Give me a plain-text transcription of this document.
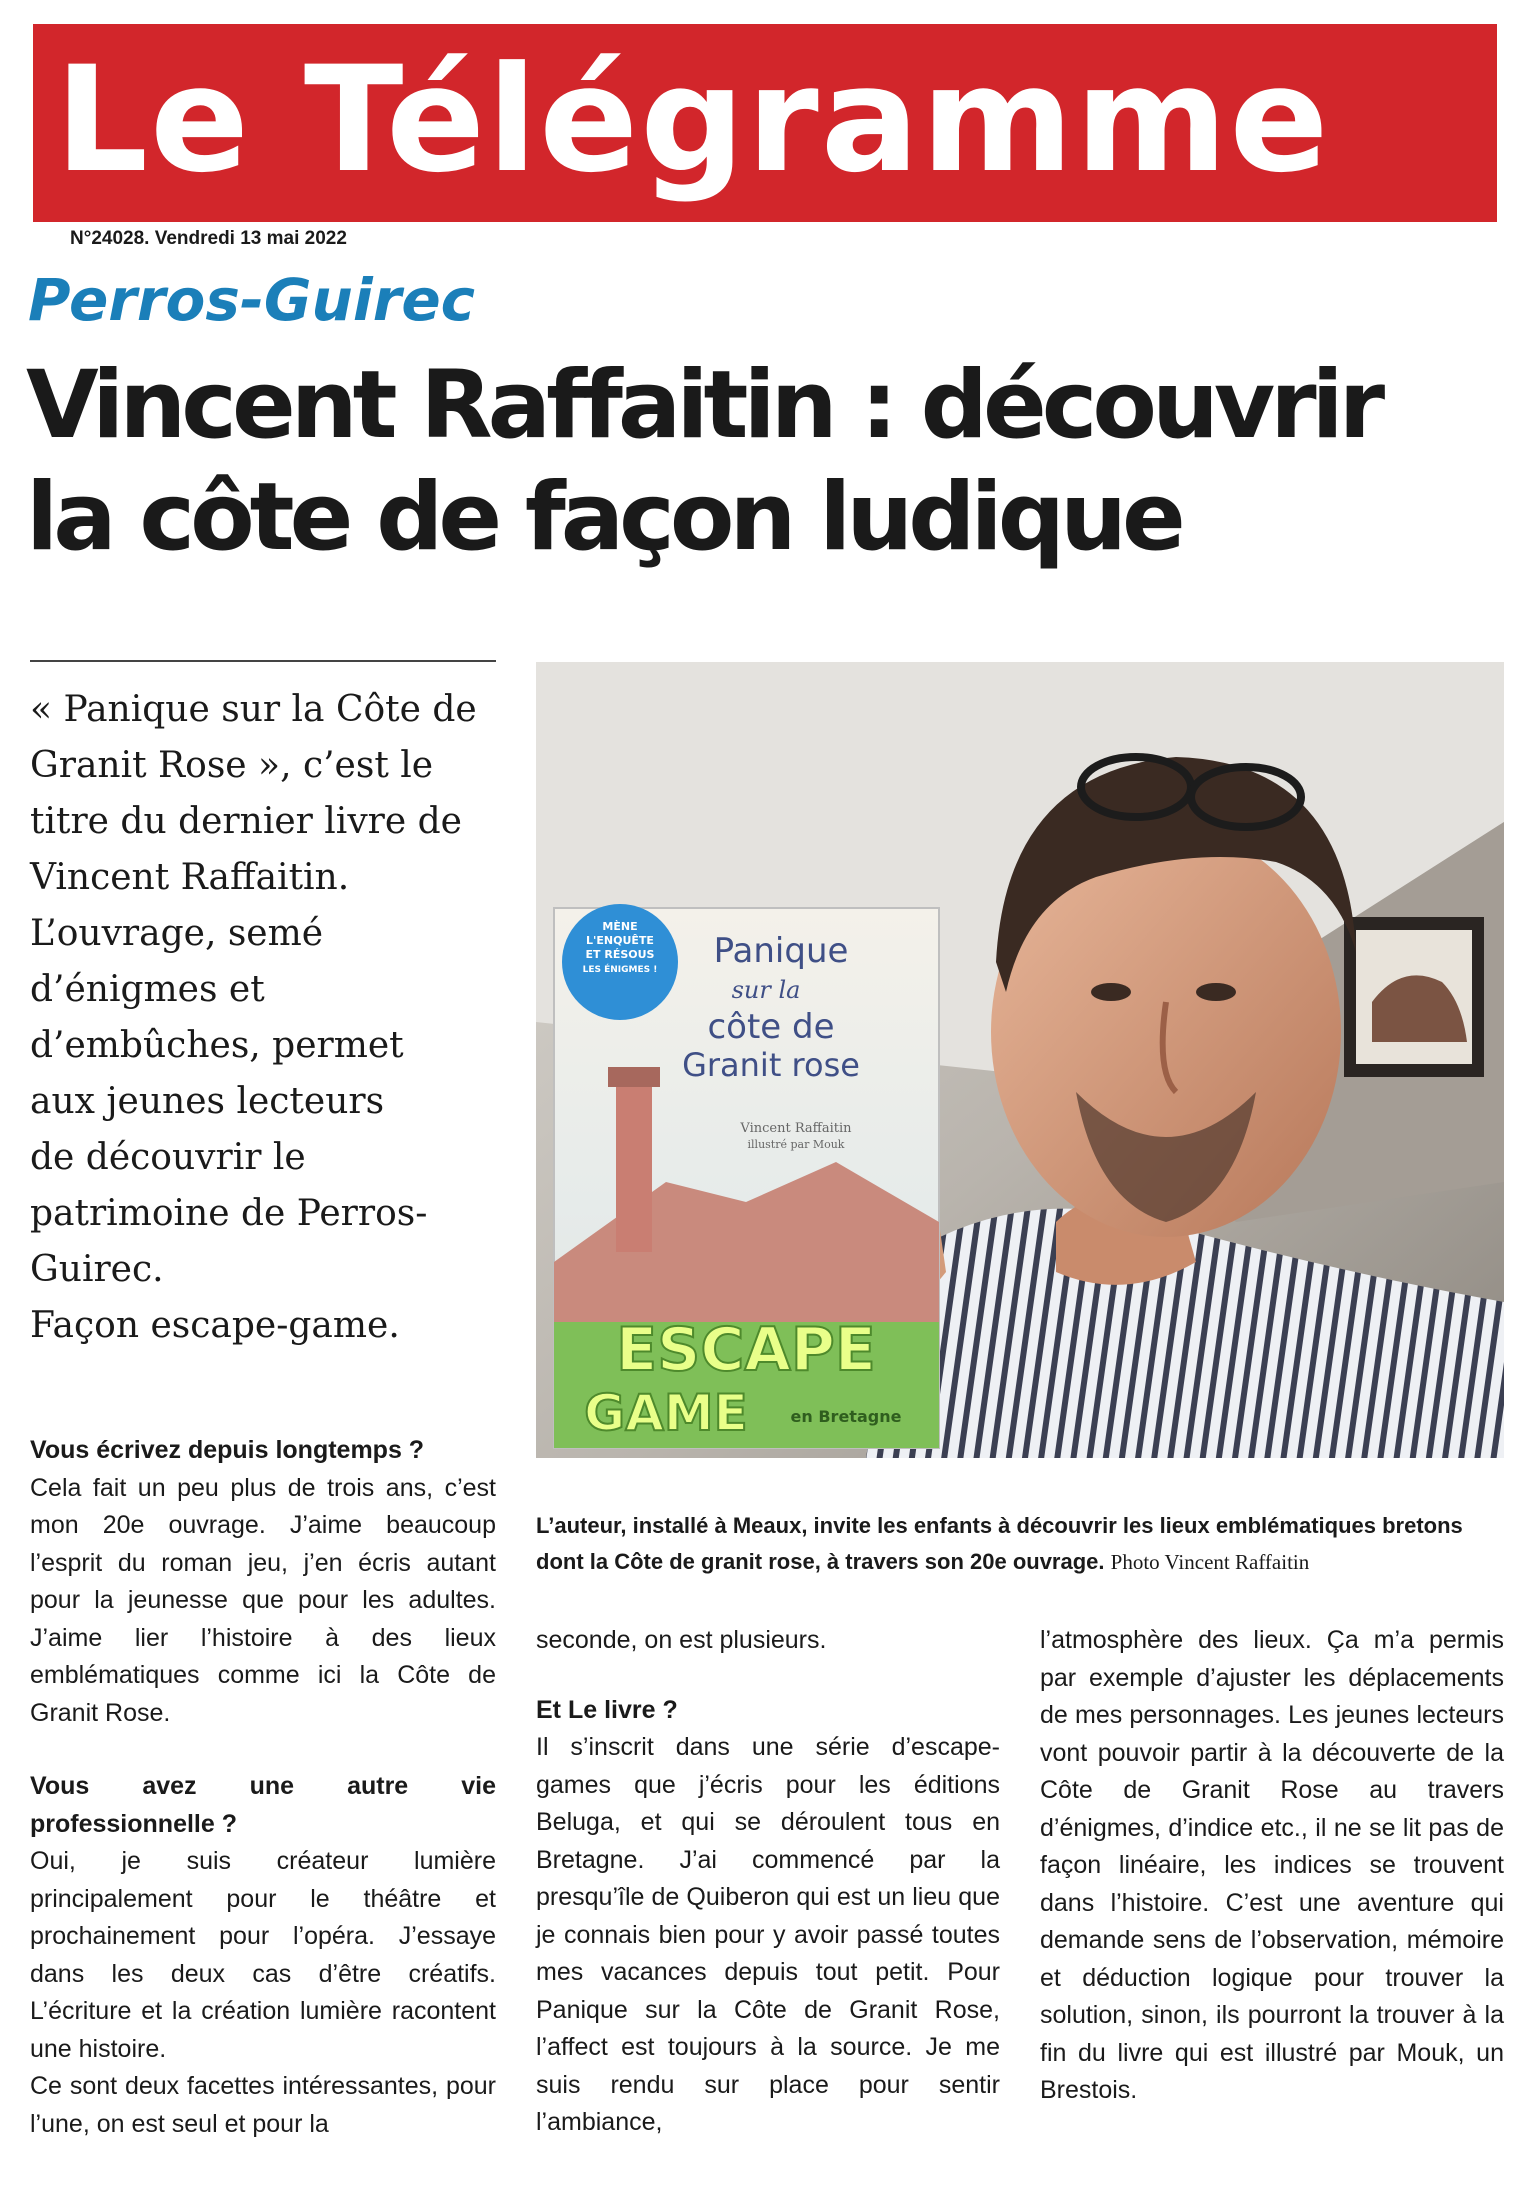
Le Télégramme
N°24028. Vendredi 13 mai 2022
Perros-Guirec
Vincent Raffaitin : découvrir
la côte de façon ludique
« Panique sur la Côte de
Granit Rose », c’est le
titre du dernier livre de
Vincent Raffaitin.
L’ouvrage, semé
d’énigmes et
d’embûches, permet
aux jeunes lecteurs
de découvrir le
patrimoine de Perros-
Guirec.
Façon escape-game.
MÈNE
L'ENQUÊTE
ET RÉSOUS
LES ÉNIGMES ! Panique
sur la
côte de
Granit rose
Vincent Raffaitin
illustré par Mouk
ESCAPE
GAME	en Bretagne
L’auteur, installé à Meaux, invite les enfants à découvrir les lieux emblématiques bretons dont la Côte de granit rose, à travers son 20e ouvrage. Photo Vincent Raffaitin
Vous écrivez depuis longtemps ?

Cela fait un peu plus de trois ans, c’est mon 20e ouvrage. J’aime beaucoup l’esprit du roman jeu, j’en écris autant pour la jeunesse que pour les adultes. J’aime lier l’histoire à des lieux emblématiques comme ici la Côte de Granit Rose.

Vous avez une autre vie professionnelle ?

Oui, je suis créateur lumière principalement pour le théâtre et prochainement pour l’opéra. J’essaye dans les deux cas d’être créatifs. L’écriture et la création lumière racontent une histoire.

Ce sont deux facettes intéressantes, pour l’une, on est seul et pour la

seconde, on est plusieurs.

Et Le livre ?

Il s’inscrit dans une série d’escape-games que j’écris pour les éditions Beluga, et qui se déroulent tous en Bretagne. J’ai commencé par la presqu’île de Quiberon qui est un lieu que je connais bien pour y avoir passé toutes mes vacances depuis tout petit. Pour Panique sur la Côte de Granit Rose, l’affect est toujours à la source. Je me suis rendu sur place pour sentir l’ambiance,

l’atmosphère des lieux. Ça m’a permis par exemple d’ajuster les déplacements de mes personnages. Les jeunes lecteurs vont pouvoir partir à la découverte de la Côte de Granit Rose au travers d’énigmes, d’indice etc., il ne se lit pas de façon linéaire, les indices se trouvent dans l’histoire. C’est une aventure qui demande sens de l’observation, mémoire et déduction logique pour trouver la solution, sinon, ils pourront la trouver à la fin du livre qui est illustré par Mouk, un Brestois.
